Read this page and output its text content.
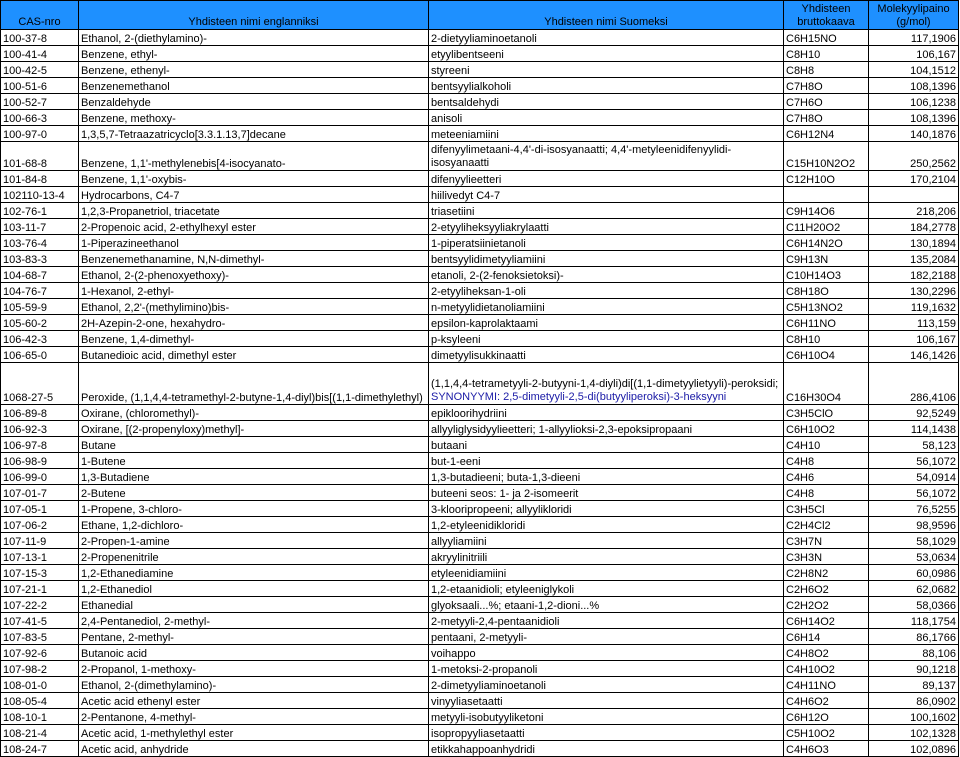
CAS-nro	Yhdisteen nimi englanniksi	Yhdisteen nimi Suomeksi	Yhdisteen bruttokaava	Molekyylipaino (g/mol)
100-37-8	Ethanol, 2-(diethylamino)-	2-dietyyliaminoetanoli	C6H15NO	117,1906
100-41-4	Benzene, ethyl-	etyylibentseeni	C8H10	106,167
100-42-5	Benzene, ethenyl-	styreeni	C8H8	104,1512
100-51-6	Benzenemethanol	bentsyylialkoholi	C7H8O	108,1396
100-52-7	Benzaldehyde	bentsaldehydi	C7H6O	106,1238
100-66-3	Benzene, methoxy-	anisoli	C7H8O	108,1396
100-97-0	1,3,5,7-Tetraazatricyclo[3.3.1.13,7]decane	meteeniamiini	C6H12N4	140,1876
101-68-8	Benzene, 1,1'-methylenebis[4-isocyanato-	difenyylimetaani-4,4'-di-isosyanaatti; 4,4'-metyleenidifenyylidi-isosyanaatti	C15H10N2O2	250,2562
101-84-8	Benzene, 1,1'-oxybis-	difenyylieetteri	C12H10O	170,2104
102110-13-4	Hydrocarbons, C4-7	hiilivedyt C4-7		
102-76-1	1,2,3-Propanetriol, triacetate	triasetiini	C9H14O6	218,206
103-11-7	2-Propenoic acid, 2-ethylhexyl ester	2-etyyliheksyyliakrylaatti	C11H20O2	184,2778
103-76-4	1-Piperazineethanol	1-piperatsiinietanoli	C6H14N2O	130,1894
103-83-3	Benzenemethanamine, N,N-dimethyl-	bentsyylidimetyyliamiini	C9H13N	135,2084
104-68-7	Ethanol, 2-(2-phenoxyethoxy)-	etanoli, 2-(2-fenoksietoksi)-	C10H14O3	182,2188
104-76-7	1-Hexanol, 2-ethyl-	2-etyyliheksan-1-oli	C8H18O	130,2296
105-59-9	Ethanol, 2,2'-(methylimino)bis-	n-metyylidietanoliamiini	C5H13NO2	119,1632
105-60-2	2H-Azepin-2-one, hexahydro-	epsilon-kaprolaktaami	C6H11NO	113,159
106-42-3	Benzene, 1,4-dimethyl-	p-ksyleeni	C8H10	106,167
106-65-0	Butanedioic acid, dimethyl ester	dimetyylisukkinaatti	C6H10O4	146,1426
1068-27-5	Peroxide, (1,1,4,4-tetramethyl-2-butyne-1,4-diyl)bis[(1,1-dimethylethyl)	(1,1,4,4-tetrametyyli-2-butyyni-1,4-diyli)di[(1,1-dimetyylietyyli)-peroksidi;
SYNONYYMI: 2,5-dimetyyli-2,5-di(butyyliperoksi)-3-heksyyni	C16H30O4	286,4106
106-89-8	Oxirane, (chloromethyl)-	epikloorihydriini	C3H5ClO	92,5249
106-92-3	Oxirane, [(2-propenyloxy)methyl]-	allyyliglysidyylieetteri; 1-allyylioksi-2,3-epoksipropaani	C6H10O2	114,1438
106-97-8	Butane	butaani	C4H10	58,123
106-98-9	1-Butene	but-1-eeni	C4H8	56,1072
106-99-0	1,3-Butadiene	1,3-butadieeni; buta-1,3-dieeni	C4H6	54,0914
107-01-7	2-Butene	buteeni seos: 1- ja 2-isomeerit	C4H8	56,1072
107-05-1	1-Propene, 3-chloro-	3-klooripropeeni; allyylikloridi	C3H5Cl	76,5255
107-06-2	Ethane, 1,2-dichloro-	1,2-etyleenidikloridi	C2H4Cl2	98,9596
107-11-9	2-Propen-1-amine	allyyliamiini	C3H7N	58,1029
107-13-1	2-Propenenitrile	akryylinitriili	C3H3N	53,0634
107-15-3	1,2-Ethanediamine	etyleenidiamiini	C2H8N2	60,0986
107-21-1	1,2-Ethanediol	1,2-etaanidioli; etyleeniglykoli	C2H6O2	62,0682
107-22-2	Ethanedial	glyoksaali...%; etaani-1,2-dioni...%	C2H2O2	58,0366
107-41-5	2,4-Pentanediol, 2-methyl-	2-metyyli-2,4-pentaanidioli	C6H14O2	118,1754
107-83-5	Pentane, 2-methyl-	pentaani, 2-metyyli-	C6H14	86,1766
107-92-6	Butanoic acid	voihappo	C4H8O2	88,106
107-98-2	2-Propanol, 1-methoxy-	1-metoksi-2-propanoli	C4H10O2	90,1218
108-01-0	Ethanol, 2-(dimethylamino)-	2-dimetyyliaminoetanoli	C4H11NO	89,137
108-05-4	Acetic acid ethenyl ester	vinyyliasetaatti	C4H6O2	86,0902
108-10-1	2-Pentanone, 4-methyl-	metyyli-isobutyyliketoni	C6H12O	100,1602
108-21-4	Acetic acid, 1-methylethyl ester	isopropyyliasetaatti	C5H10O2	102,1328
108-24-7	Acetic acid, anhydride	etikkahappoanhydridi	C4H6O3	102,0896
